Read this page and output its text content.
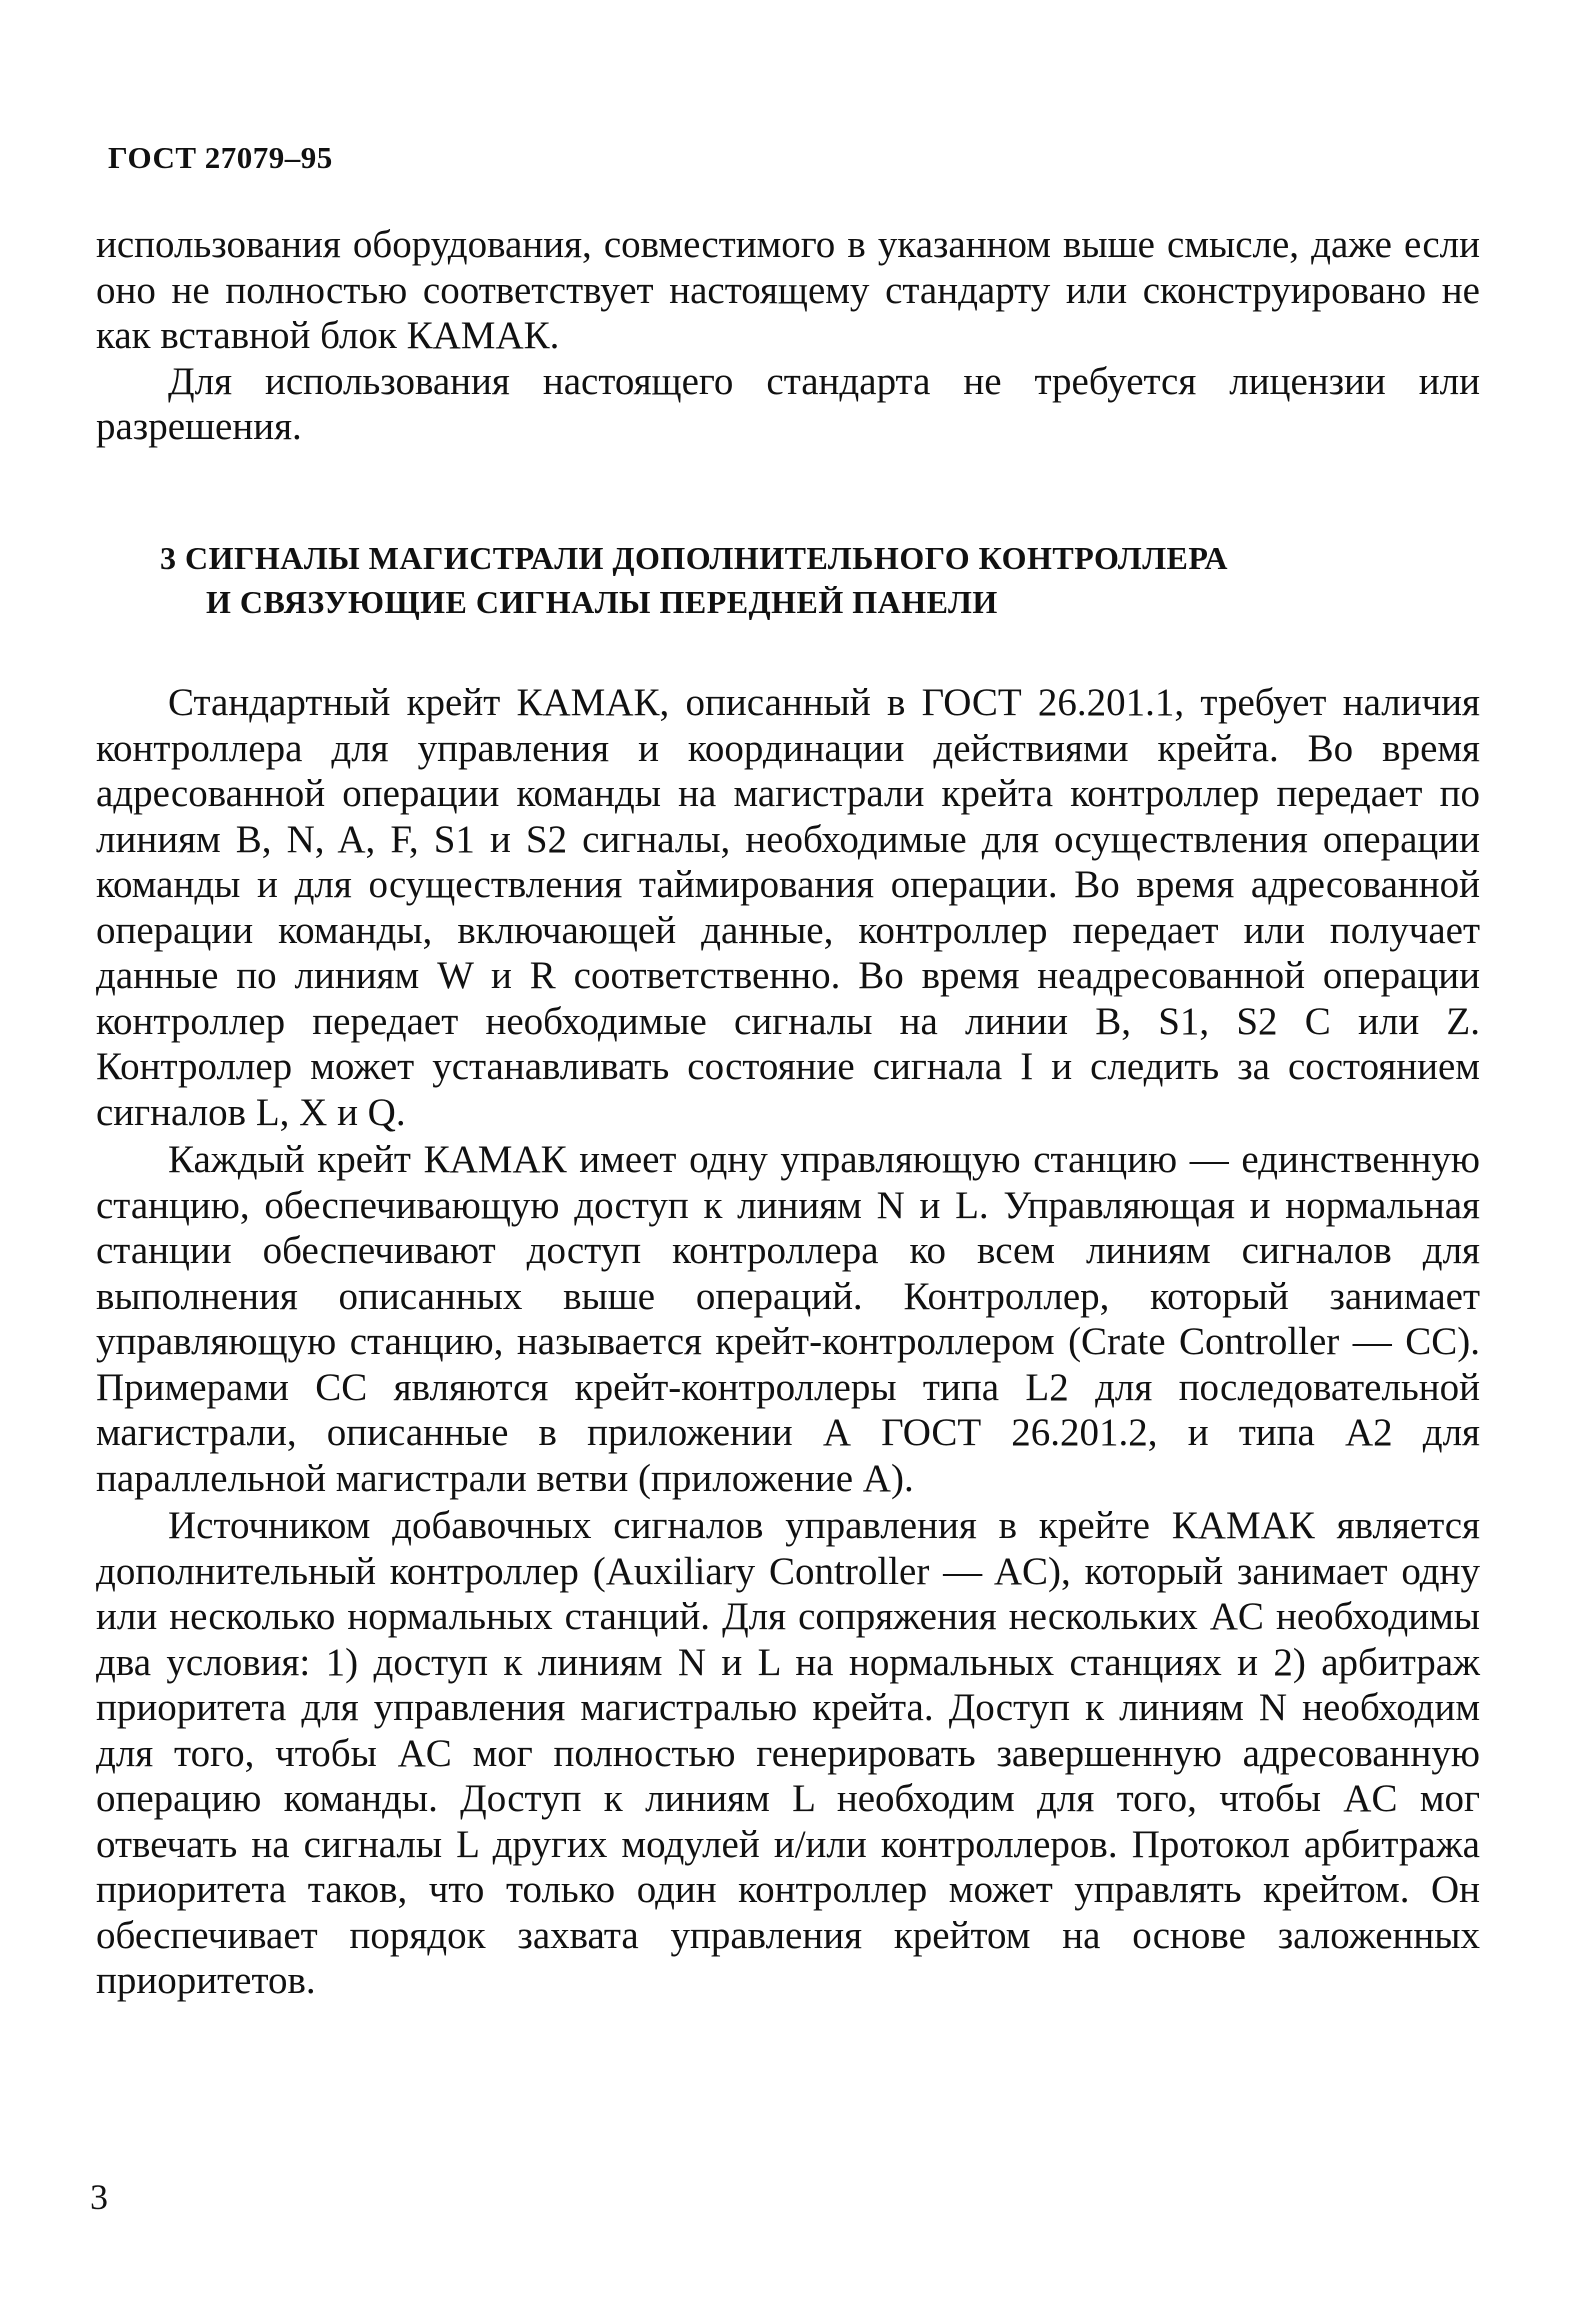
ГОСТ 27079–95

использования оборудования, совместимого в указанном выше смысле, даже если оно не полностью соответствует настоящему стандарту или сконструировано не как вставной блок КАМАК.

Для использования настоящего стандарта не требуется лицензии или разрешения.

3 СИГНАЛЫ МАГИСТРАЛИ ДОПОЛНИТЕЛЬНОГО КОНТРОЛЛЕРА
И СВЯЗУЮЩИЕ СИГНАЛЫ ПЕРЕДНЕЙ ПАНЕЛИ

Стандартный крейт КАМАК, описанный в ГОСТ 26.201.1, требует наличия контроллера для управления и координации действиями крейта. Во время адресованной операции команды на магистрали крейта контроллер передает по линиям B, N, A, F, S1 и S2 сигналы, необходимые для осуществления операции команды и для осуществления таймирования операции. Во время адресованной операции команды, включающей данные, контроллер передает или получает данные по линиям W и R соответственно. Во время неадресованной операции контроллер передает необходимые сигналы на линии B, S1, S2 C или Z. Контроллер может устанавливать состояние сигнала I и следить за состоянием сигналов L, X и Q.

Каждый крейт КАМАК имеет одну управляющую станцию — единственную станцию, обеспечивающую доступ к линиям N и L. Управляющая и нормальная станции обеспечивают доступ контроллера ко всем линиям сигналов для выполнения описанных выше операций. Контроллер, который занимает управляющую станцию, называется крейт-контроллером (Crate Controller — CC). Примерами CC являются крейт-контроллеры типа L2 для последовательной магистрали, описанные в приложении А ГОСТ 26.201.2, и типа А2 для параллельной магистрали ветви (приложение А).

Источником добавочных сигналов управления в крейте КАМАК является дополнительный контроллер (Auxiliary Controller — AC), который занимает одну или несколько нормальных станций. Для сопряжения нескольких AC необходимы два условия: 1) доступ к линиям N и L на нормальных станциях и 2) арбитраж приоритета для управления магистралью крейта. Доступ к линиям N необходим для того, чтобы AC мог полностью генерировать завершенную адресованную операцию команды. Доступ к линиям L необходим для того, чтобы AC мог отвечать на сигналы L других модулей и/или контроллеров. Протокол арбитража приоритета таков, что только один контроллер может управлять крейтом. Он обеспечивает порядок захвата управления крейтом на основе заложенных приоритетов.

3
